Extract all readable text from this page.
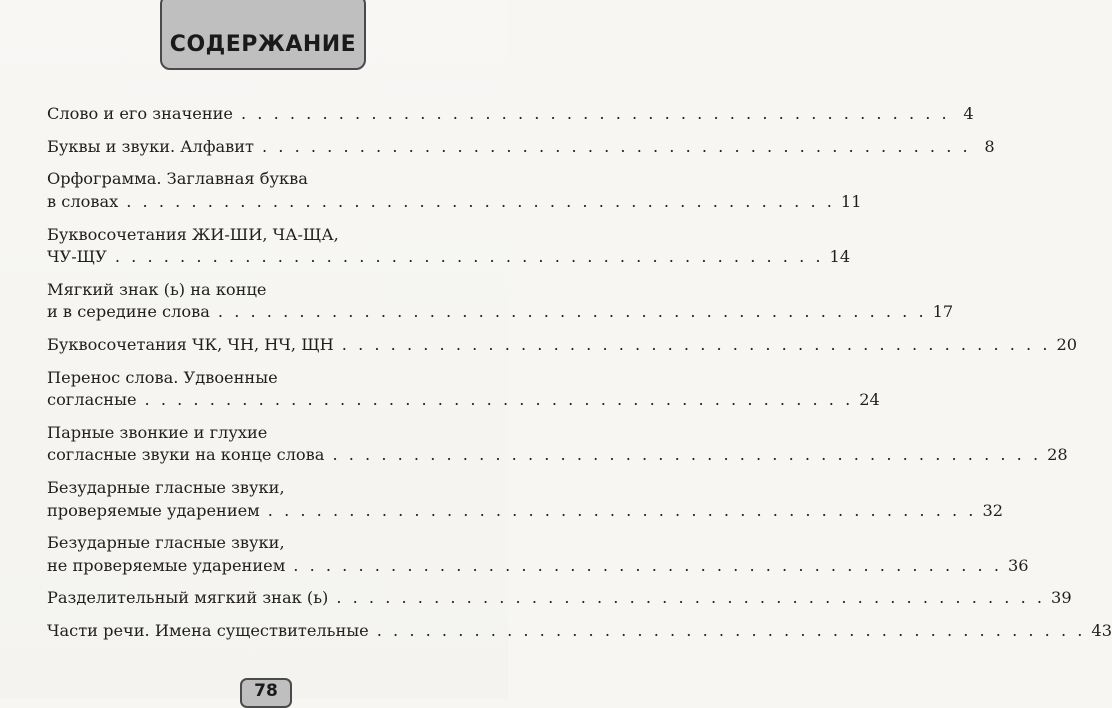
СОДЕРЖАНИЕ
Слово и его значение . . . . . . . . . . . . . . . . . . . . . . . . . . . . . . . . . . . . . . . . . . . . 4
Буквы и звуки. Алфавит . . . . . . . . . . . . . . . . . . . . . . . . . . . . . . . . . . . . . . . . . . . . 8
Орфограмма. Заглавная буква
в словах . . . . . . . . . . . . . . . . . . . . . . . . . . . . . . . . . . . . . . . . . . . . 11
Буквосочетания ЖИ-ШИ, ЧА-ЩА,
ЧУ-ЩУ . . . . . . . . . . . . . . . . . . . . . . . . . . . . . . . . . . . . . . . . . . . . 14
Мягкий знак (ь) на конце
и в середине слова . . . . . . . . . . . . . . . . . . . . . . . . . . . . . . . . . . . . . . . . . . . . 17
Буквосочетания ЧК, ЧН, НЧ, ЩН . . . . . . . . . . . . . . . . . . . . . . . . . . . . . . . . . . . . . . . . . . . . 20
Перенос слова. Удвоенные
согласные . . . . . . . . . . . . . . . . . . . . . . . . . . . . . . . . . . . . . . . . . . . . 24
Парные звонкие и глухие
согласные звуки на конце слова . . . . . . . . . . . . . . . . . . . . . . . . . . . . . . . . . . . . . . . . . . . . 28
Безударные гласные звуки,
проверяемые ударением . . . . . . . . . . . . . . . . . . . . . . . . . . . . . . . . . . . . . . . . . . . . 32
Безударные гласные звуки,
не проверяемые ударением . . . . . . . . . . . . . . . . . . . . . . . . . . . . . . . . . . . . . . . . . . . . 36
Разделительный мягкий знак (ь) . . . . . . . . . . . . . . . . . . . . . . . . . . . . . . . . . . . . . . . . . . . . 39
Части речи. Имена существительные . . . . . . . . . . . . . . . . . . . . . . . . . . . . . . . . . . . . . . . . . . . . 43
78
